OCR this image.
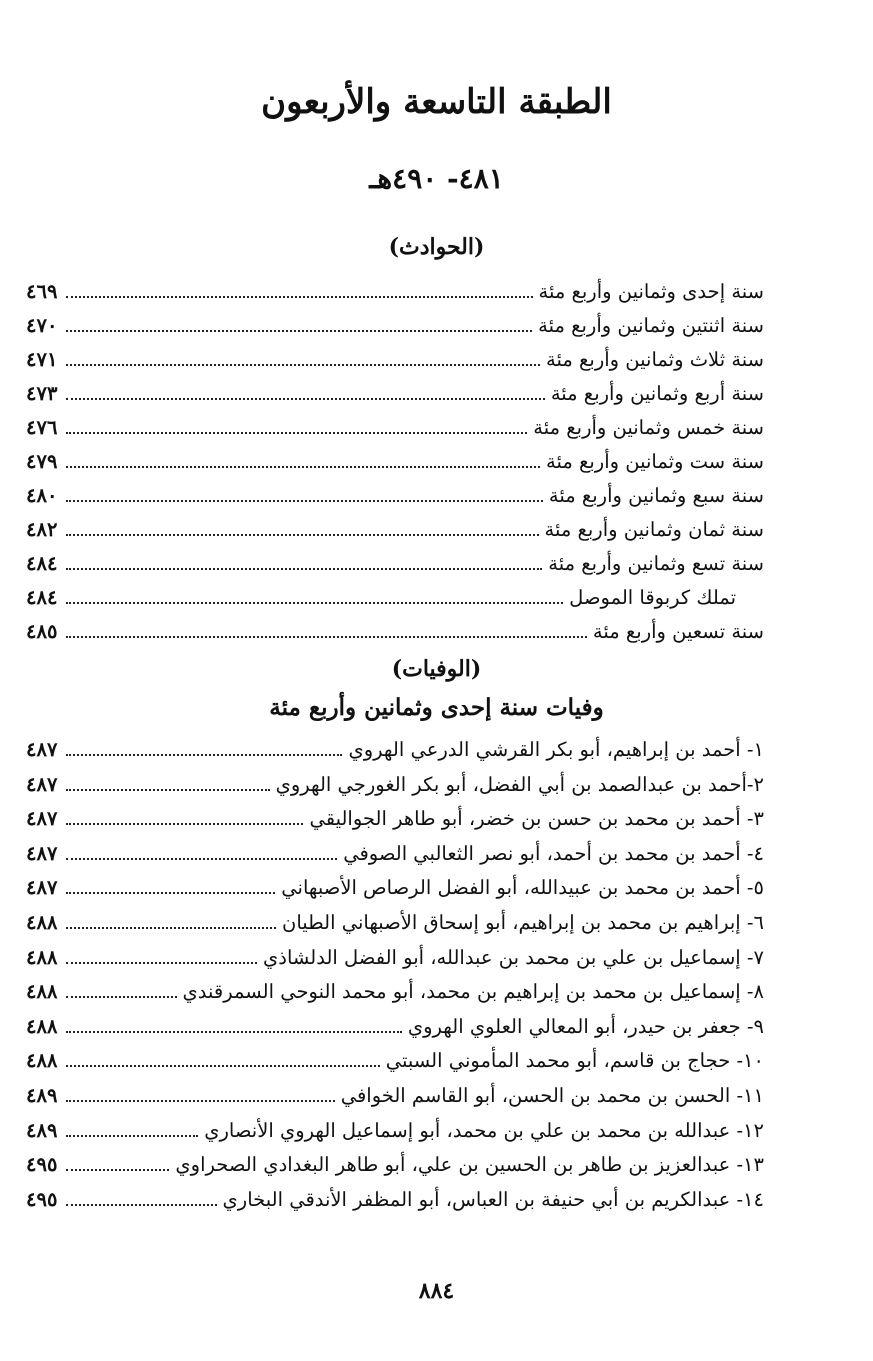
الطبقة التاسعة والأربعون
٤٨١- ٤٩٠هـ
(الحوادث)
سنة إحدى وثمانين وأربع مئة
٤٦٩
سنة اثنتين وثمانين وأربع مئة
٤٧٠
سنة ثلاث وثمانين وأربع مئة
٤٧١
سنة أربع وثمانين وأربع مئة
٤٧٣
سنة خمس وثمانين وأربع مئة
٤٧٦
سنة ست وثمانين وأربع مئة
٤٧٩
سنة سبع وثمانين وأربع مئة
٤٨٠
سنة ثمان وثمانين وأربع مئة
٤٨٢
سنة تسع وثمانين وأربع مئة
٤٨٤
تملك كربوقا الموصل
٤٨٤
سنة تسعين وأربع مئة
٤٨٥
(الوفيات)
وفيات سنة إحدى وثمانين وأربع مئة
١- أحمد بن إبراهيم، أبو بكر القرشي الدرعي الهروي
٤٨٧
٢-أحمد بن عبدالصمد بن أبي الفضل، أبو بكر الغورجي الهروي
٤٨٧
٣- أحمد بن محمد بن حسن بن خضر، أبو طاهر الجواليقي
٤٨٧
٤- أحمد بن محمد بن أحمد، أبو نصر الثعالبي الصوفي
٤٨٧
٥- أحمد بن محمد بن عبيدالله، أبو الفضل الرصاص الأصبهاني
٤٨٧
٦- إبراهيم بن محمد بن إبراهيم، أبو إسحاق الأصبهاني الطيان
٤٨٨
٧- إسماعيل بن علي بن محمد بن عبدالله، أبو الفضل الدلشاذي
٤٨٨
٨- إسماعيل بن محمد بن إبراهيم بن محمد، أبو محمد النوحي السمرقندي
٤٨٨
٩- جعفر بن حيدر، أبو المعالي العلوي الهروي
٤٨٨
١٠- حجاج بن قاسم، أبو محمد المأموني السبتي
٤٨٨
١١- الحسن بن محمد بن الحسن، أبو القاسم الخوافي
٤٨٩
١٢- عبدالله بن محمد بن علي بن محمد، أبو إسماعيل الهروي الأنصاري
٤٨٩
١٣- عبدالعزيز بن طاهر بن الحسين بن علي، أبو طاهر البغدادي الصحراوي
٤٩٥
١٤- عبدالكريم بن أبي حنيفة بن العباس، أبو المظفر الأندقي البخاري
٤٩٥
٨٨٤
